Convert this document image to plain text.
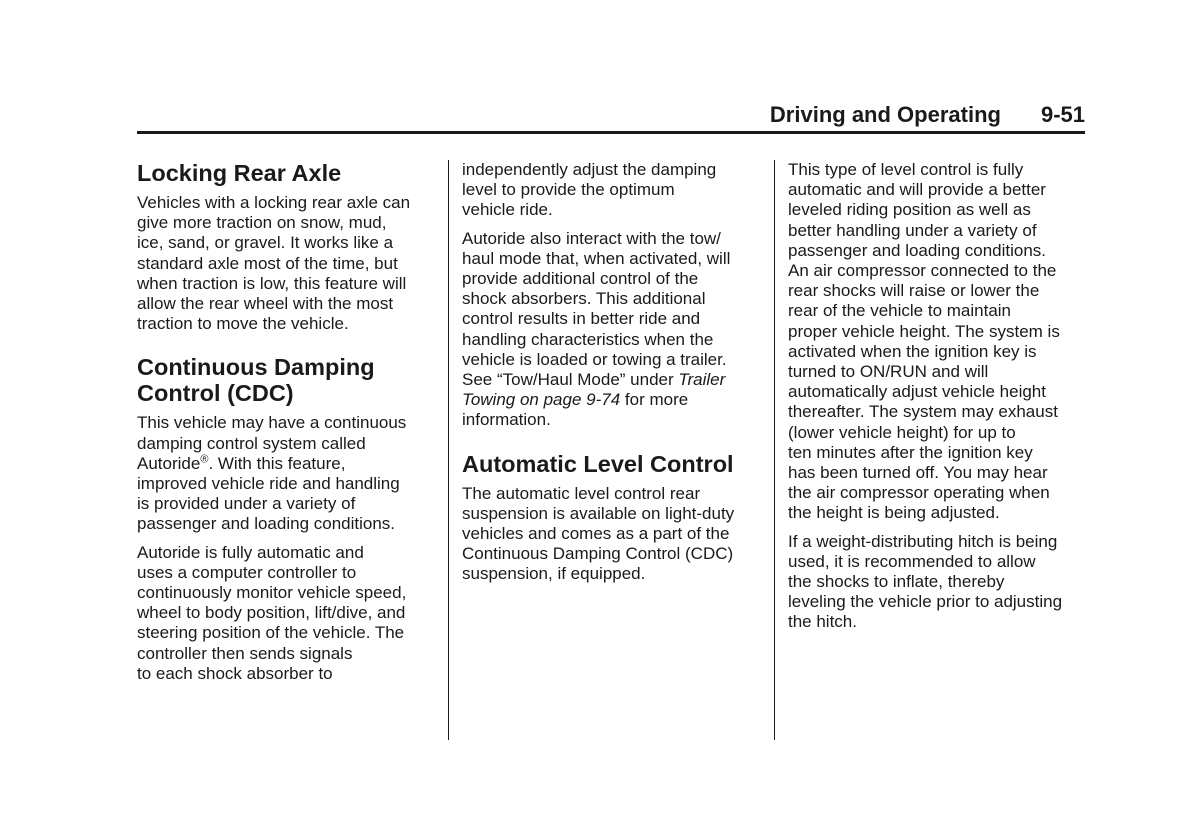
Driving and Operating 9-51
Locking Rear Axle

Vehicles with a locking rear axle can
give more traction on snow, mud,
ice, sand, or gravel. It works like a
standard axle most of the time, but
when traction is low, this feature will
allow the rear wheel with the most
traction to move the vehicle.

Continuous Damping
Control (CDC)

This vehicle may have a continuous
damping control system called
Autoride®. With this feature,
improved vehicle ride and handling
is provided under a variety of
passenger and loading conditions.

Autoride is fully automatic and
uses a computer controller to
continuously monitor vehicle speed,
wheel to body position, lift/dive, and
steering position of the vehicle. The
controller then sends signals
to each shock absorber to

independently adjust the damping
level to provide the optimum
vehicle ride.

Autoride also interact with the tow/
haul mode that, when activated, will
provide additional control of the
shock absorbers. This additional
control results in better ride and
handling characteristics when the
vehicle is loaded or towing a trailer.
See “Tow/Haul Mode” under Trailer
Towing on page 9-74 for more
information.

Automatic Level Control

The automatic level control rear
suspension is available on light-duty
vehicles and comes as a part of the
Continuous Damping Control (CDC)
suspension, if equipped.

This type of level control is fully
automatic and will provide a better
leveled riding position as well as
better handling under a variety of
passenger and loading conditions.
An air compressor connected to the
rear shocks will raise or lower the
rear of the vehicle to maintain
proper vehicle height. The system is
activated when the ignition key is
turned to ON/RUN and will
automatically adjust vehicle height
thereafter. The system may exhaust
(lower vehicle height) for up to
ten minutes after the ignition key
has been turned off. You may hear
the air compressor operating when
the height is being adjusted.

If a weight-distributing hitch is being
used, it is recommended to allow
the shocks to inflate, thereby
leveling the vehicle prior to adjusting
the hitch.
